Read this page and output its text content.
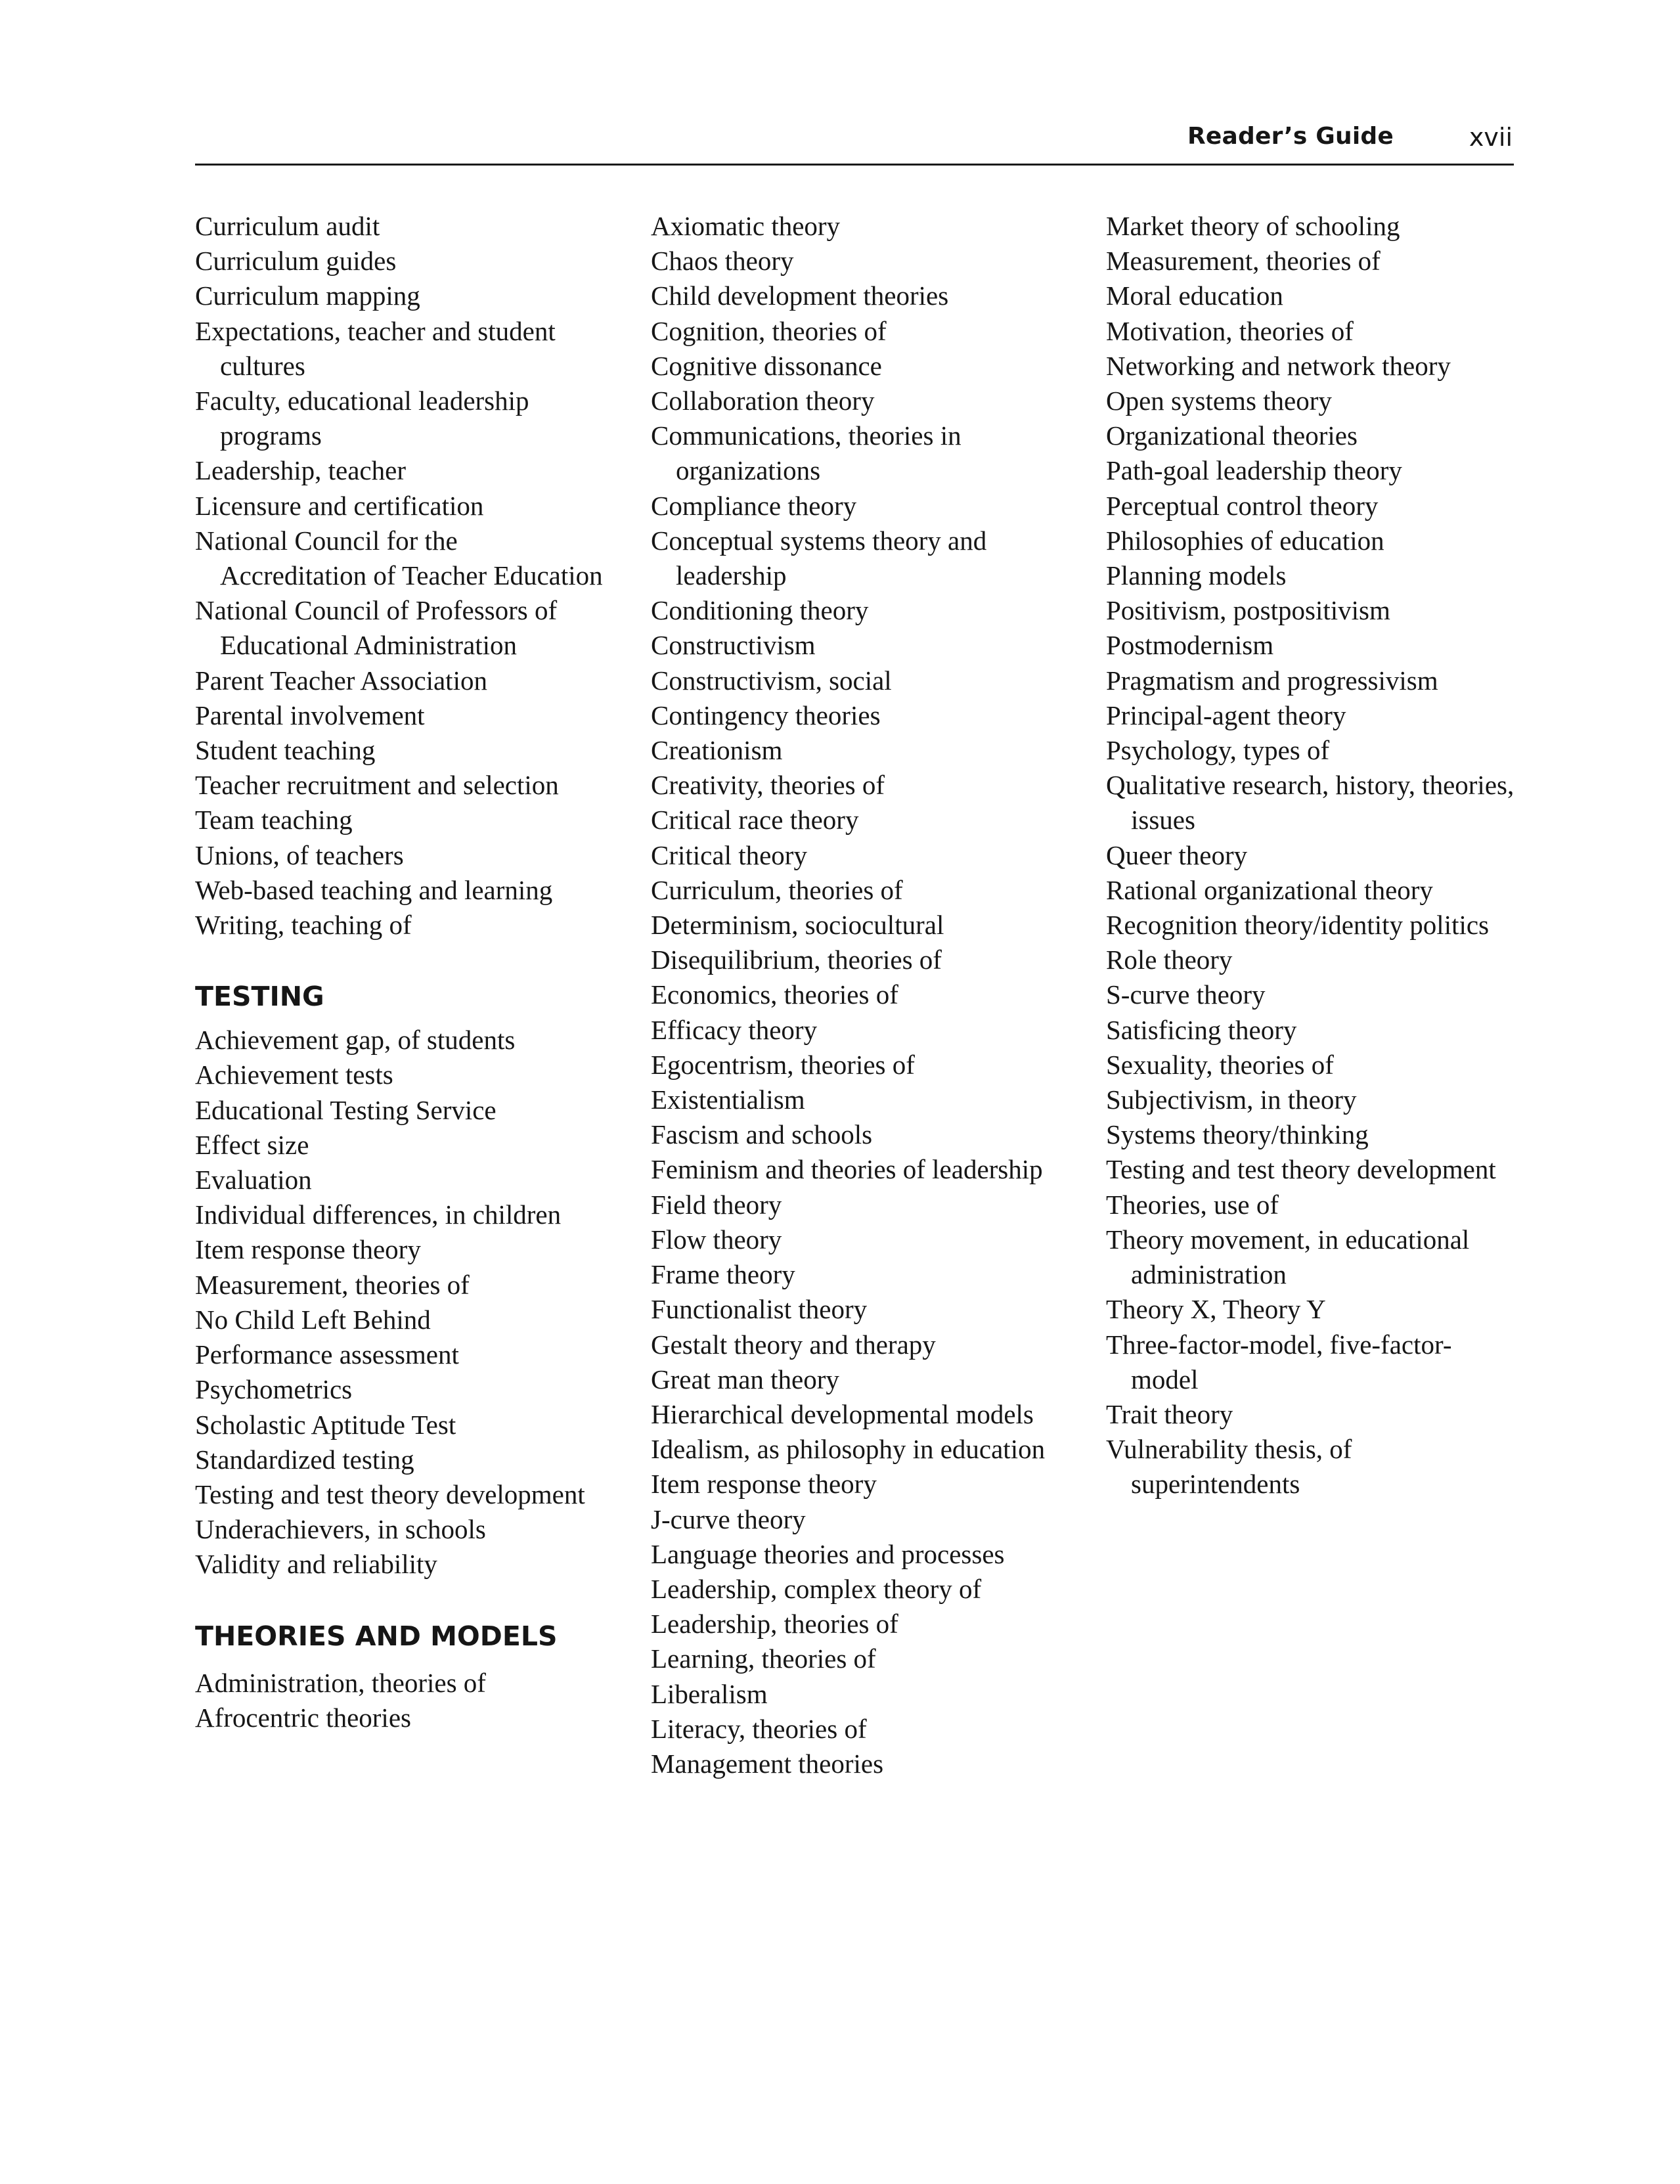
Reader’s Guide	xvii
Curriculum audit
Curriculum guides
Curriculum mapping
Expectations, teacher and student
cultures
Faculty, educational leadership
programs
Leadership, teacher
Licensure and certification
National Council for the
Accreditation of Teacher Education
National Council of Professors of
Educational Administration
Parent Teacher Association
Parental involvement
Student teaching
Teacher recruitment and selection
Team teaching
Unions, of teachers
Web-based teaching and learning
Writing, teaching of
TESTING
Achievement gap, of students
Achievement tests
Educational Testing Service
Effect size
Evaluation
Individual differences, in children
Item response theory
Measurement, theories of
No Child Left Behind
Performance assessment
Psychometrics
Scholastic Aptitude Test
Standardized testing
Testing and test theory development
Underachievers, in schools
Validity and reliability
THEORIES AND MODELS
Administration, theories of
Afrocentric theories
Axiomatic theory
Chaos theory
Child development theories
Cognition, theories of
Cognitive dissonance
Collaboration theory
Communications, theories in
organizations
Compliance theory
Conceptual systems theory and
leadership
Conditioning theory
Constructivism
Constructivism, social
Contingency theories
Creationism
Creativity, theories of
Critical race theory
Critical theory
Curriculum, theories of
Determinism, sociocultural
Disequilibrium, theories of
Economics, theories of
Efficacy theory
Egocentrism, theories of
Existentialism
Fascism and schools
Feminism and theories of leadership
Field theory
Flow theory
Frame theory
Functionalist theory
Gestalt theory and therapy
Great man theory
Hierarchical developmental models
Idealism, as philosophy in education
Item response theory
J-curve theory
Language theories and processes
Leadership, complex theory of
Leadership, theories of
Learning, theories of
Liberalism
Literacy, theories of
Management theories
Market theory of schooling
Measurement, theories of
Moral education
Motivation, theories of
Networking and network theory
Open systems theory
Organizational theories
Path-goal leadership theory
Perceptual control theory
Philosophies of education
Planning models
Positivism, postpositivism
Postmodernism
Pragmatism and progressivism
Principal-agent theory
Psychology, types of
Qualitative research, history, theories,
issues
Queer theory
Rational organizational theory
Recognition theory/identity politics
Role theory
S-curve theory
Satisficing theory
Sexuality, theories of
Subjectivism, in theory
Systems theory/thinking
Testing and test theory development
Theories, use of
Theory movement, in educational
administration
Theory X, Theory Y
Three-factor-model, five-factor-
model
Trait theory
Vulnerability thesis, of
superintendents
